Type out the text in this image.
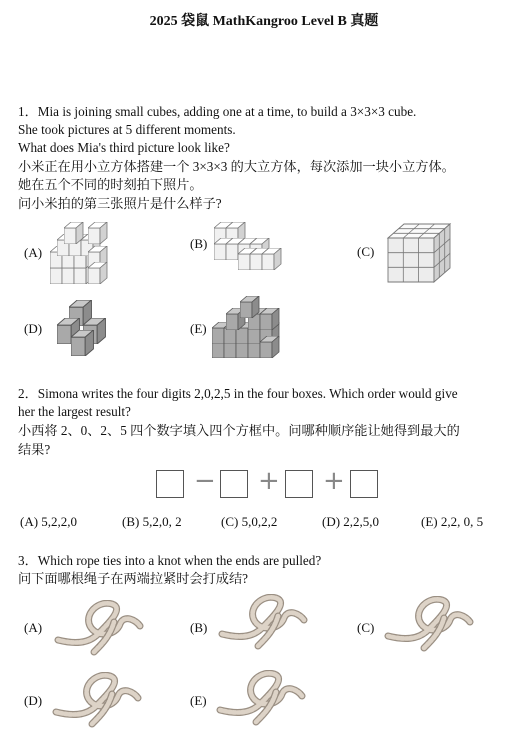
2025 袋鼠 MathKangroo Level B 真题
1．Mia is joining small cubes, adding one at a time, to build a 3×3×3 cube.
She took pictures at 5 different moments.
What does Mia's third picture look like?
小米正在用小立方体搭建一个 3×3×3 的大立方体，每次添加一块小立方体。
她在五个不同的时刻拍下照片。
问小米拍的第三张照片是什么样子?
(A)
(B)
(C)
(D)	(E)
2．Simona writes the four digits 2,0,2,5 in the four boxes. Which order would give
her the largest result?
小西将 2、0、2、5 四个数字填入四个方框中。问哪种顺序能让她得到最大的
结果?
− + +
(A) 5,2,2,0	(B) 5,2,0, 2	(C) 5,0,2,2	(D) 2,2,5,0	(E) 2,2, 0, 5
3．Which rope ties into a knot when the ends are pulled?
问下面哪根绳子在两端拉紧时会打成结?
(A)	(B)	(C)
(D)	(E)
